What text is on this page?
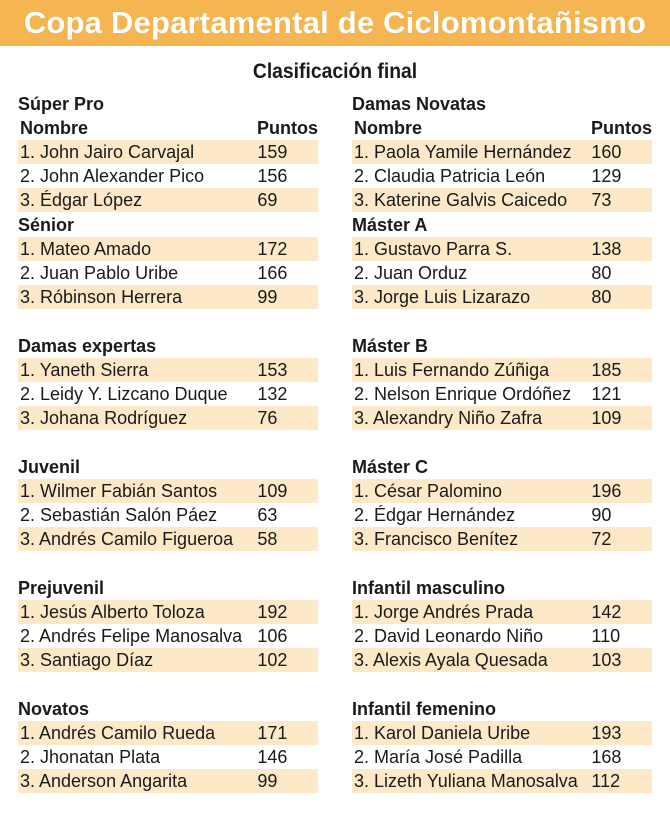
Copa Departamental de Ciclomontañismo
Clasificación final
Súper Pro
Nombre	Puntos
1. John Jairo Carvajal	159
2. John Alexander Pico	156
3. Édgar López	69
Sénior
1. Mateo Amado	172
2. Juan Pablo Uribe	166
3. Róbinson Herrera	99
Damas expertas
1. Yaneth Sierra	153
2. Leidy Y. Lizcano Duque	132
3. Johana Rodríguez	76
Juvenil
1. Wilmer Fabián Santos	109
2. Sebastián Salón Páez	63
3. Andrés Camilo Figueroa	58
Prejuvenil
1. Jesús Alberto Toloza	192
2. Andrés Felipe Manosalva 106
3. Santiago Díaz	102
Novatos
1. Andrés Camilo Rueda	171
2. Jhonatan Plata	146
3. Anderson Angarita	99
Damas Novatas
Nombre	Puntos
1. Paola Yamile Hernández	160
2. Claudia Patricia León	129
3. Katerine Galvis Caicedo	73
Máster A
1. Gustavo Parra S.	138
2. Juan Orduz	80
3. Jorge Luis Lizarazo	80
Máster B
1. Luis Fernando Zúñiga	185
2. Nelson Enrique Ordóñez	121
3. Alexandry Niño Zafra	109
Máster C
1. César Palomino	196
2. Édgar Hernández	90
3. Francisco Benítez	72
Infantil masculino
1. Jorge Andrés Prada	142
2. David Leonardo Niño	110
3. Alexis Ayala Quesada	103
Infantil femenino
1. Karol Daniela Uribe	193
2. María José Padilla	168
3. Lizeth Yuliana Manosalva 112
